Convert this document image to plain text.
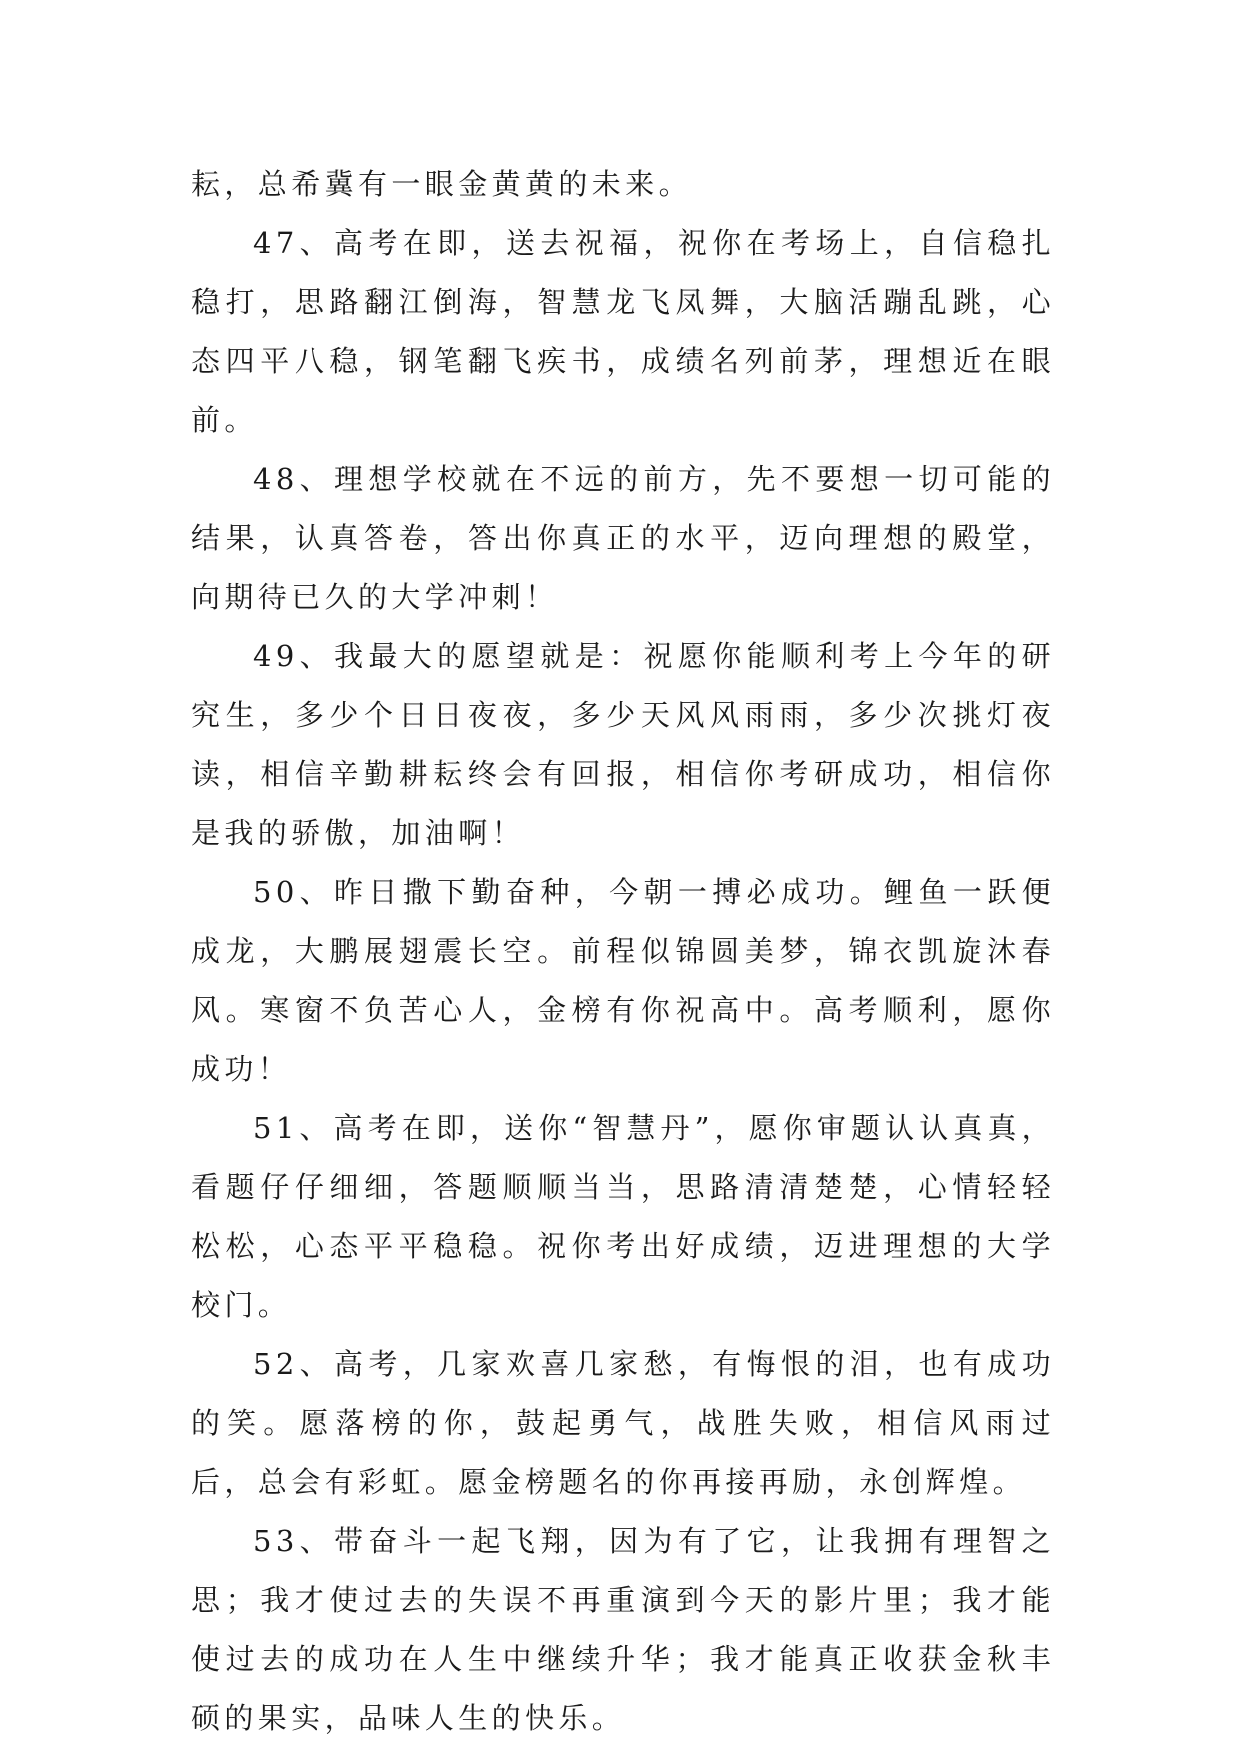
耘，总希冀有一眼金黄黄的未来。

47、高考在即，送去祝福，祝你在考场上，自信稳扎稳打，思路翻江倒海，智慧龙飞凤舞，大脑活蹦乱跳，心态四平八稳，钢笔翻飞疾书，成绩名列前茅，理想近在眼前。

48、理想学校就在不远的前方，先不要想一切可能的结果，认真答卷，答出你真正的水平，迈向理想的殿堂，向期待已久的大学冲刺！

49、我最大的愿望就是：祝愿你能顺利考上今年的研究生，多少个日日夜夜，多少天风风雨雨，多少次挑灯夜读，相信辛勤耕耘终会有回报，相信你考研成功，相信你是我的骄傲，加油啊！

50、昨日撒下勤奋种，今朝一搏必成功。鲤鱼一跃便成龙，大鹏展翅震长空。前程似锦圆美梦，锦衣凯旋沐春风。寒窗不负苦心人，金榜有你祝高中。高考顺利，愿你成功！

51、高考在即，送你“智慧丹”，愿你审题认认真真，看题仔仔细细，答题顺顺当当，思路清清楚楚，心情轻轻松松，心态平平稳稳。祝你考出好成绩，迈进理想的大学校门。

52、高考，几家欢喜几家愁，有悔恨的泪，也有成功的笑。愿落榜的你，鼓起勇气，战胜失败，相信风雨过后，总会有彩虹。愿金榜题名的你再接再励，永创辉煌。

53、带奋斗一起飞翔，因为有了它，让我拥有理智之思；我才使过去的失误不再重演到今天的影片里；我才能使过去的成功在人生中继续升华；我才能真正收获金秋丰硕的果实，品味人生的快乐。
